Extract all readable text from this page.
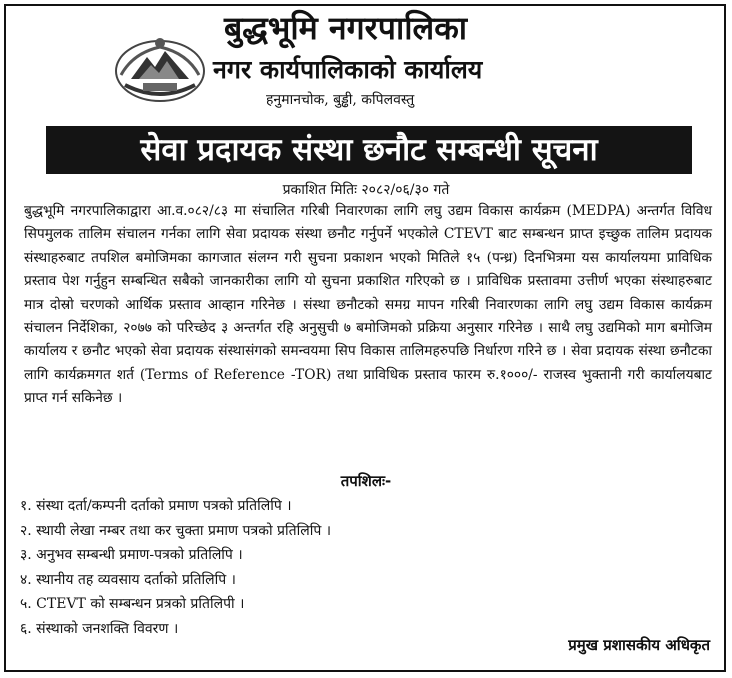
बुद्धभूमि नगरपालिका
नगर कार्यपालिकाको कार्यालय
हनुमानचोक, बुड्ढी, कपिलवस्तु
सेवा प्रदायक संस्था छनौट सम्बन्धी सूचना
प्रकाशित मितिः २०८२/०६/३० गते

बुद्धभूमि नगरपालिकाद्वारा आ.व.०८२/८३ मा संचालित गरिबी निवारणका लागि लघु उद्यम विकास कार्यक्रम (MEDPA) अन्तर्गत विविध सिपमुलक तालिम संचालन गर्नका लागि सेवा प्रदायक संस्था छनौट गर्नुपर्ने भएकोले CTEVT बाट सम्बन्धन प्राप्त इच्छुक तालिम प्रदायक संस्थाहरुबाट तपशिल बमोजिमका कागजात संलग्न गरी सुचना प्रकाशन भएको मितिले १५ (पन्ध्र) दिनभित्रमा यस कार्यालयमा प्राविधिक प्रस्ताव पेश गर्नुहुन सम्बन्धित सबैको जानकारीका लागि यो सुचना प्रकाशित गरिएको छ । प्राविधिक प्रस्तावमा उत्तीर्ण भएका संस्थाहरुबाट मात्र दोस्रो चरणको आर्थिक प्रस्ताव आव्हान गरिनेछ । संस्था छनौटको समग्र मापन गरिबी निवारणका लागि लघु उद्यम विकास कार्यक्रम संचालन निर्देशिका, २०७७ को परिच्छेद ३ अन्तर्गत रहि अनुसुची ७ बमोजिमको प्रक्रिया अनुसार गरिनेछ । साथै लघु उद्यमिको माग बमोजिम कार्यालय र छनौट भएको सेवा प्रदायक संस्थासंगको समन्वयमा सिप विकास तालिमहरुपछि निर्धारण गरिने छ । सेवा प्रदायक संस्था छनौटका लागि कार्यक्रमगत शर्त (Terms of Reference -TOR) तथा प्राविधिक प्रस्ताव फारम रु.१०००/- राजस्व भुक्तानी गरी कार्यालयबाट प्राप्त गर्न सकिनेछ ।

तपशिलः-
१. संस्था दर्ता/कम्पनी दर्ताको प्रमाण पत्रको प्रतिलिपि ।
२. स्थायी लेखा नम्बर तथा कर चुक्ता प्रमाण पत्रको प्रतिलिपि ।
३. अनुभव सम्बन्धी प्रमाण-पत्रको प्रतिलिपि ।
४. स्थानीय तह व्यवसाय दर्ताको प्रतिलिपि ।
५. CTEVT को सम्बन्धन प्रत्रको प्रतिलिपी ।
६. संस्थाको जनशक्ति विवरण ।
प्रमुख प्रशासकीय अधिकृत
